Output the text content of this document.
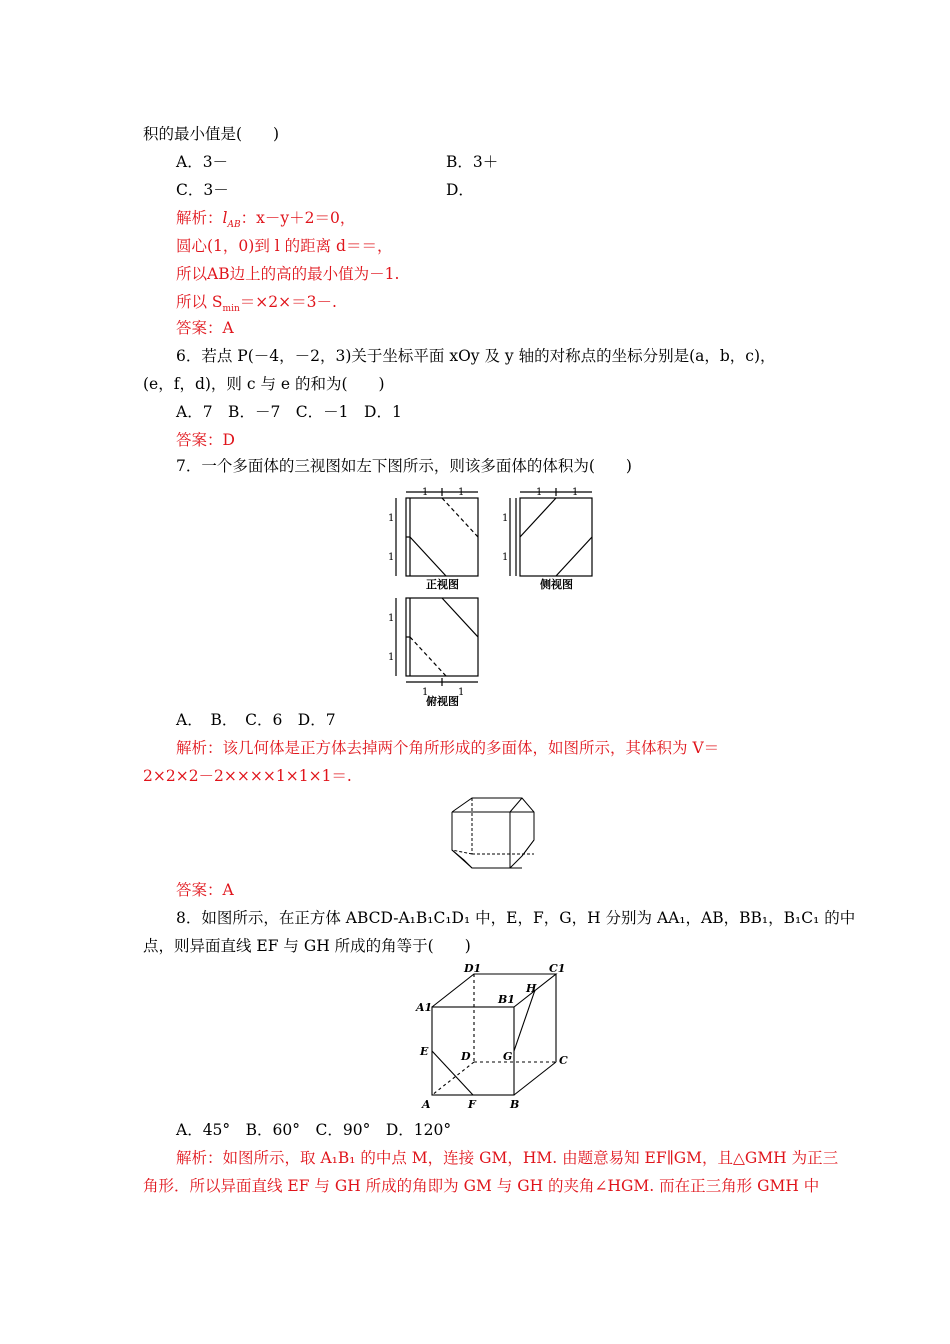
积的最小值是(　　)
A．3－	B．3＋
C．3－	D．
解析：$l_{AB}$：x－y＋2＝0，
圆心(1，0)到 l 的距离 d＝＝，
所以AB边上的高的最小值为－1.
所以 $S_{min}=\times 2\times=3-$.
答案：A
6．若点 P(－4，－2，3)关于坐标平面 xOy 及 y 轴的对称点的坐标分别是(a，b，c)，
(e，f，d)，则 c 与 e 的和为(　　)
A．7　B．－7　C．－1　D．1
答案：D
7．一个多面体的三视图如左下图所示，则该多面体的体积为(　　)
1	1	1	1
1
1
1
1
1
1
1	1
正视图	侧视图
俯视图
A．　B．　C．6　D．7
解析：该几何体是正方体去掉两个角所形成的多面体，如图所示，其体积为 V＝
2×2×2－2××××1×1×1＝.
答案：A
8．如图所示，在正方体 ABCD-A₁B₁C₁D₁ 中，E，F，G，H 分别为 AA₁，AB，BB₁，B₁C₁ 的中
点，则异面直线 EF 与 GH 所成的角等于(　　)
D1	C1
H
B1
A1
E	D	G	C
A	F	B
A．45°　B．60°　C．90°　D．120°
解析：如图所示，取 A₁B₁ 的中点 M，连接 GM，HM. 由题意易知 EF∥GM，且△GMH 为正三
角形．所以异面直线 EF 与 GH 所成的角即为 GM 与 GH 的夹角∠HGM. 而在正三角形 GMH 中
